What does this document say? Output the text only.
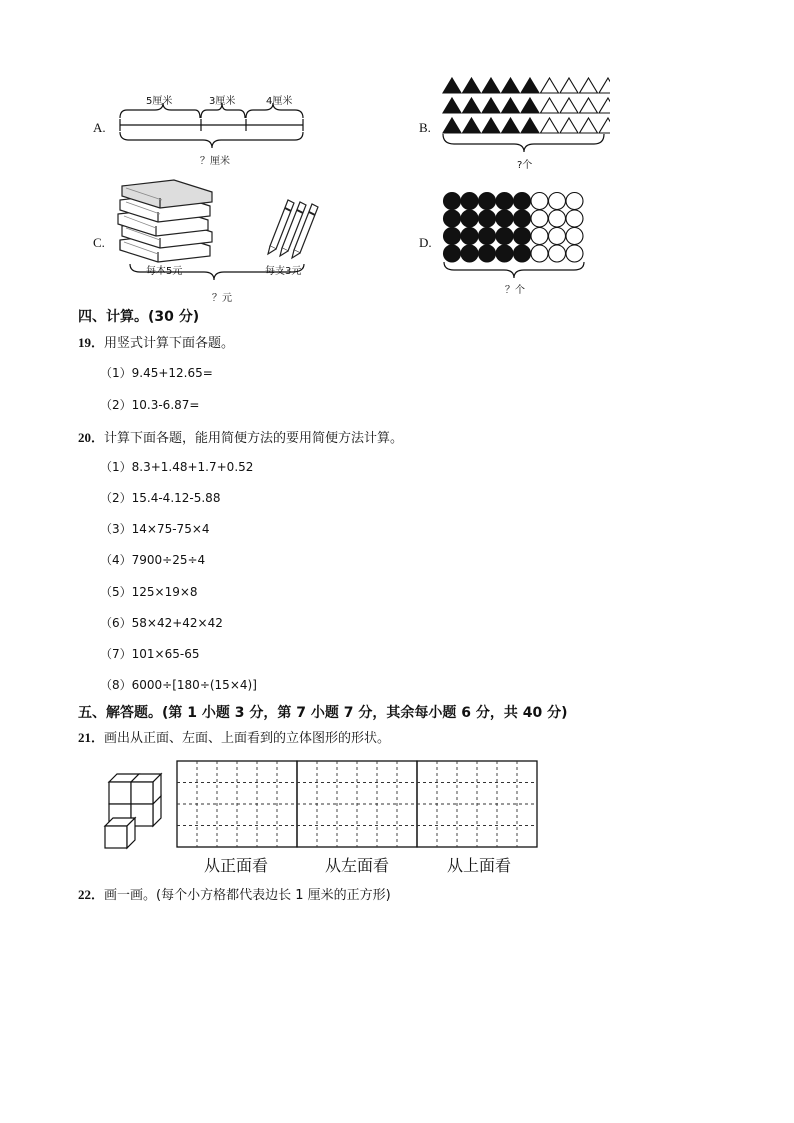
A.
5厘米	3厘米	4厘米
？厘米
B.
?个
C.
每本5元	每支3元
？元
D.
？个
四、计算。(30 分)
19．用竖式计算下面各题。
（1）9.45+12.65=
（2）10.3-6.87=
20．计算下面各题，能用简便方法的要用简便方法计算。
（1）8.3+1.48+1.7+0.52
（2）15.4-4.12-5.88
（3）14×75-75×4
（4）7900÷25÷4
（5）125×19×8
（6）58×42+42×42
（7）101×65-65
（8）6000÷[180÷(15×4)]
五、解答题。(第 1 小题 3 分，第 7 小题 7 分，其余每小题 6 分，共 40 分)
21．画出从正面、左面、上面看到的立体图形的形状。
从正面看	从左面看	从上面看
22．画一画。(每个小方格都代表边长 1 厘米的正方形)
